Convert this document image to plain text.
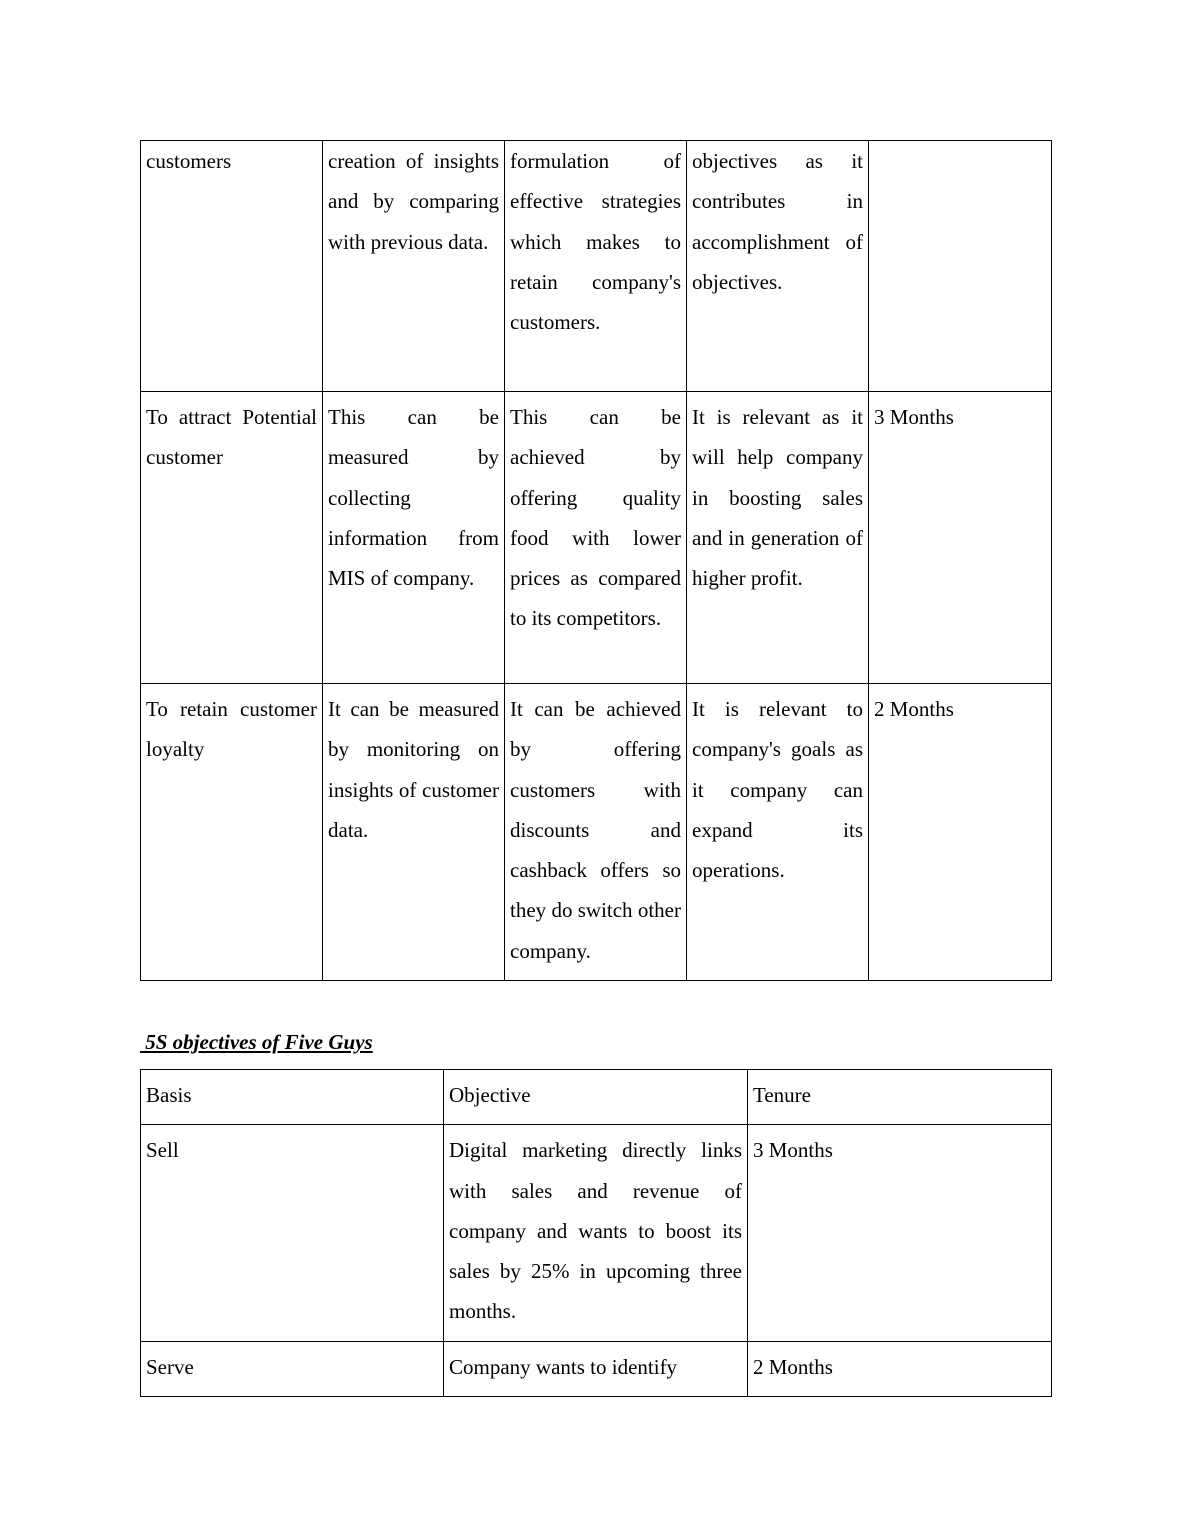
customers	creation of insights and by comparing with previous data.	formulation of effective strategies which makes to retain company's customers.	objectives as it contributes in accomplishment of objectives.	
To attract Potential customer	This can be measured by collecting information from MIS of company.	This can be achieved by offering quality food with lower prices as compared to its competitors.	It is relevant as it will help company in boosting sales and in generation of higher profit.	3 Months
To retain customer loyalty	It can be measured by monitoring on insights of customer data.	It can be achieved by offering customers with discounts and cashback offers so they do switch other company.	It is relevant to company's goals as it company can expand its operations.	2 Months
5S objectives of Five Guys
Basis	Objective	Tenure
Sell	Digital marketing directly links with sales and revenue of company and wants to boost its sales by 25% in upcoming three months.	3 Months
Serve	Company wants to identify	2 Months
